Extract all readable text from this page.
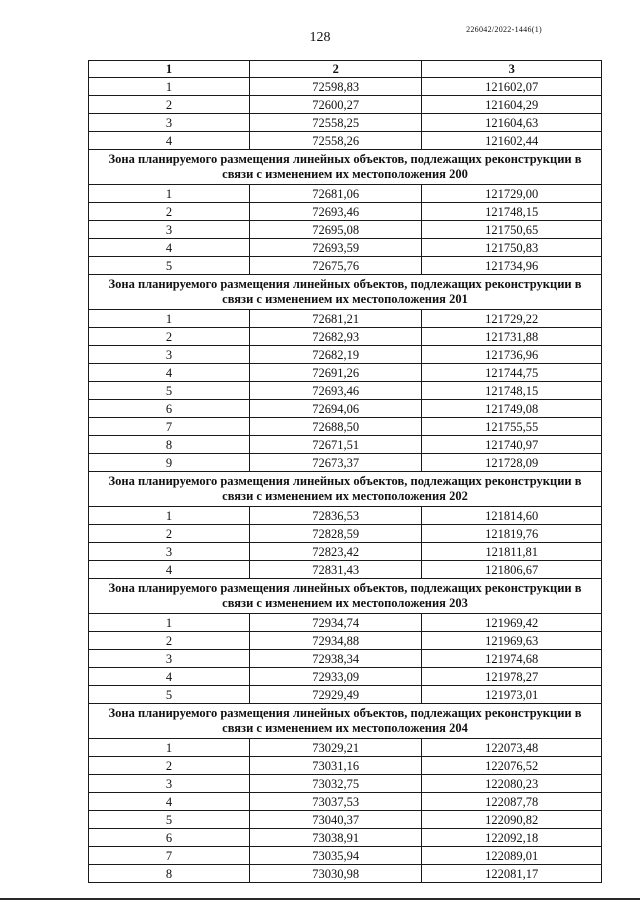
128
226042/2022-1446(1)
1	2	3
1	72598,83	121602,07
2	72600,27	121604,29
3	72558,25	121604,63
4	72558,26	121602,44
Зона планируемого размещения линейных объектов, подлежащих реконструкции в связи с изменением их местоположения 200		
1	72681,06	121729,00
2	72693,46	121748,15
3	72695,08	121750,65
4	72693,59	121750,83
5	72675,76	121734,96
Зона планируемого размещения линейных объектов, подлежащих реконструкции в связи с изменением их местоположения 201		
1	72681,21	121729,22
2	72682,93	121731,88
3	72682,19	121736,96
4	72691,26	121744,75
5	72693,46	121748,15
6	72694,06	121749,08
7	72688,50	121755,55
8	72671,51	121740,97
9	72673,37	121728,09
Зона планируемого размещения линейных объектов, подлежащих реконструкции в связи с изменением их местоположения 202		
1	72836,53	121814,60
2	72828,59	121819,76
3	72823,42	121811,81
4	72831,43	121806,67
Зона планируемого размещения линейных объектов, подлежащих реконструкции в связи с изменением их местоположения 203		
1	72934,74	121969,42
2	72934,88	121969,63
3	72938,34	121974,68
4	72933,09	121978,27
5	72929,49	121973,01
Зона планируемого размещения линейных объектов, подлежащих реконструкции в связи с изменением их местоположения 204		
1	73029,21	122073,48
2	73031,16	122076,52
3	73032,75	122080,23
4	73037,53	122087,78
5	73040,37	122090,82
6	73038,91	122092,18
7	73035,94	122089,01
8	73030,98	122081,17
